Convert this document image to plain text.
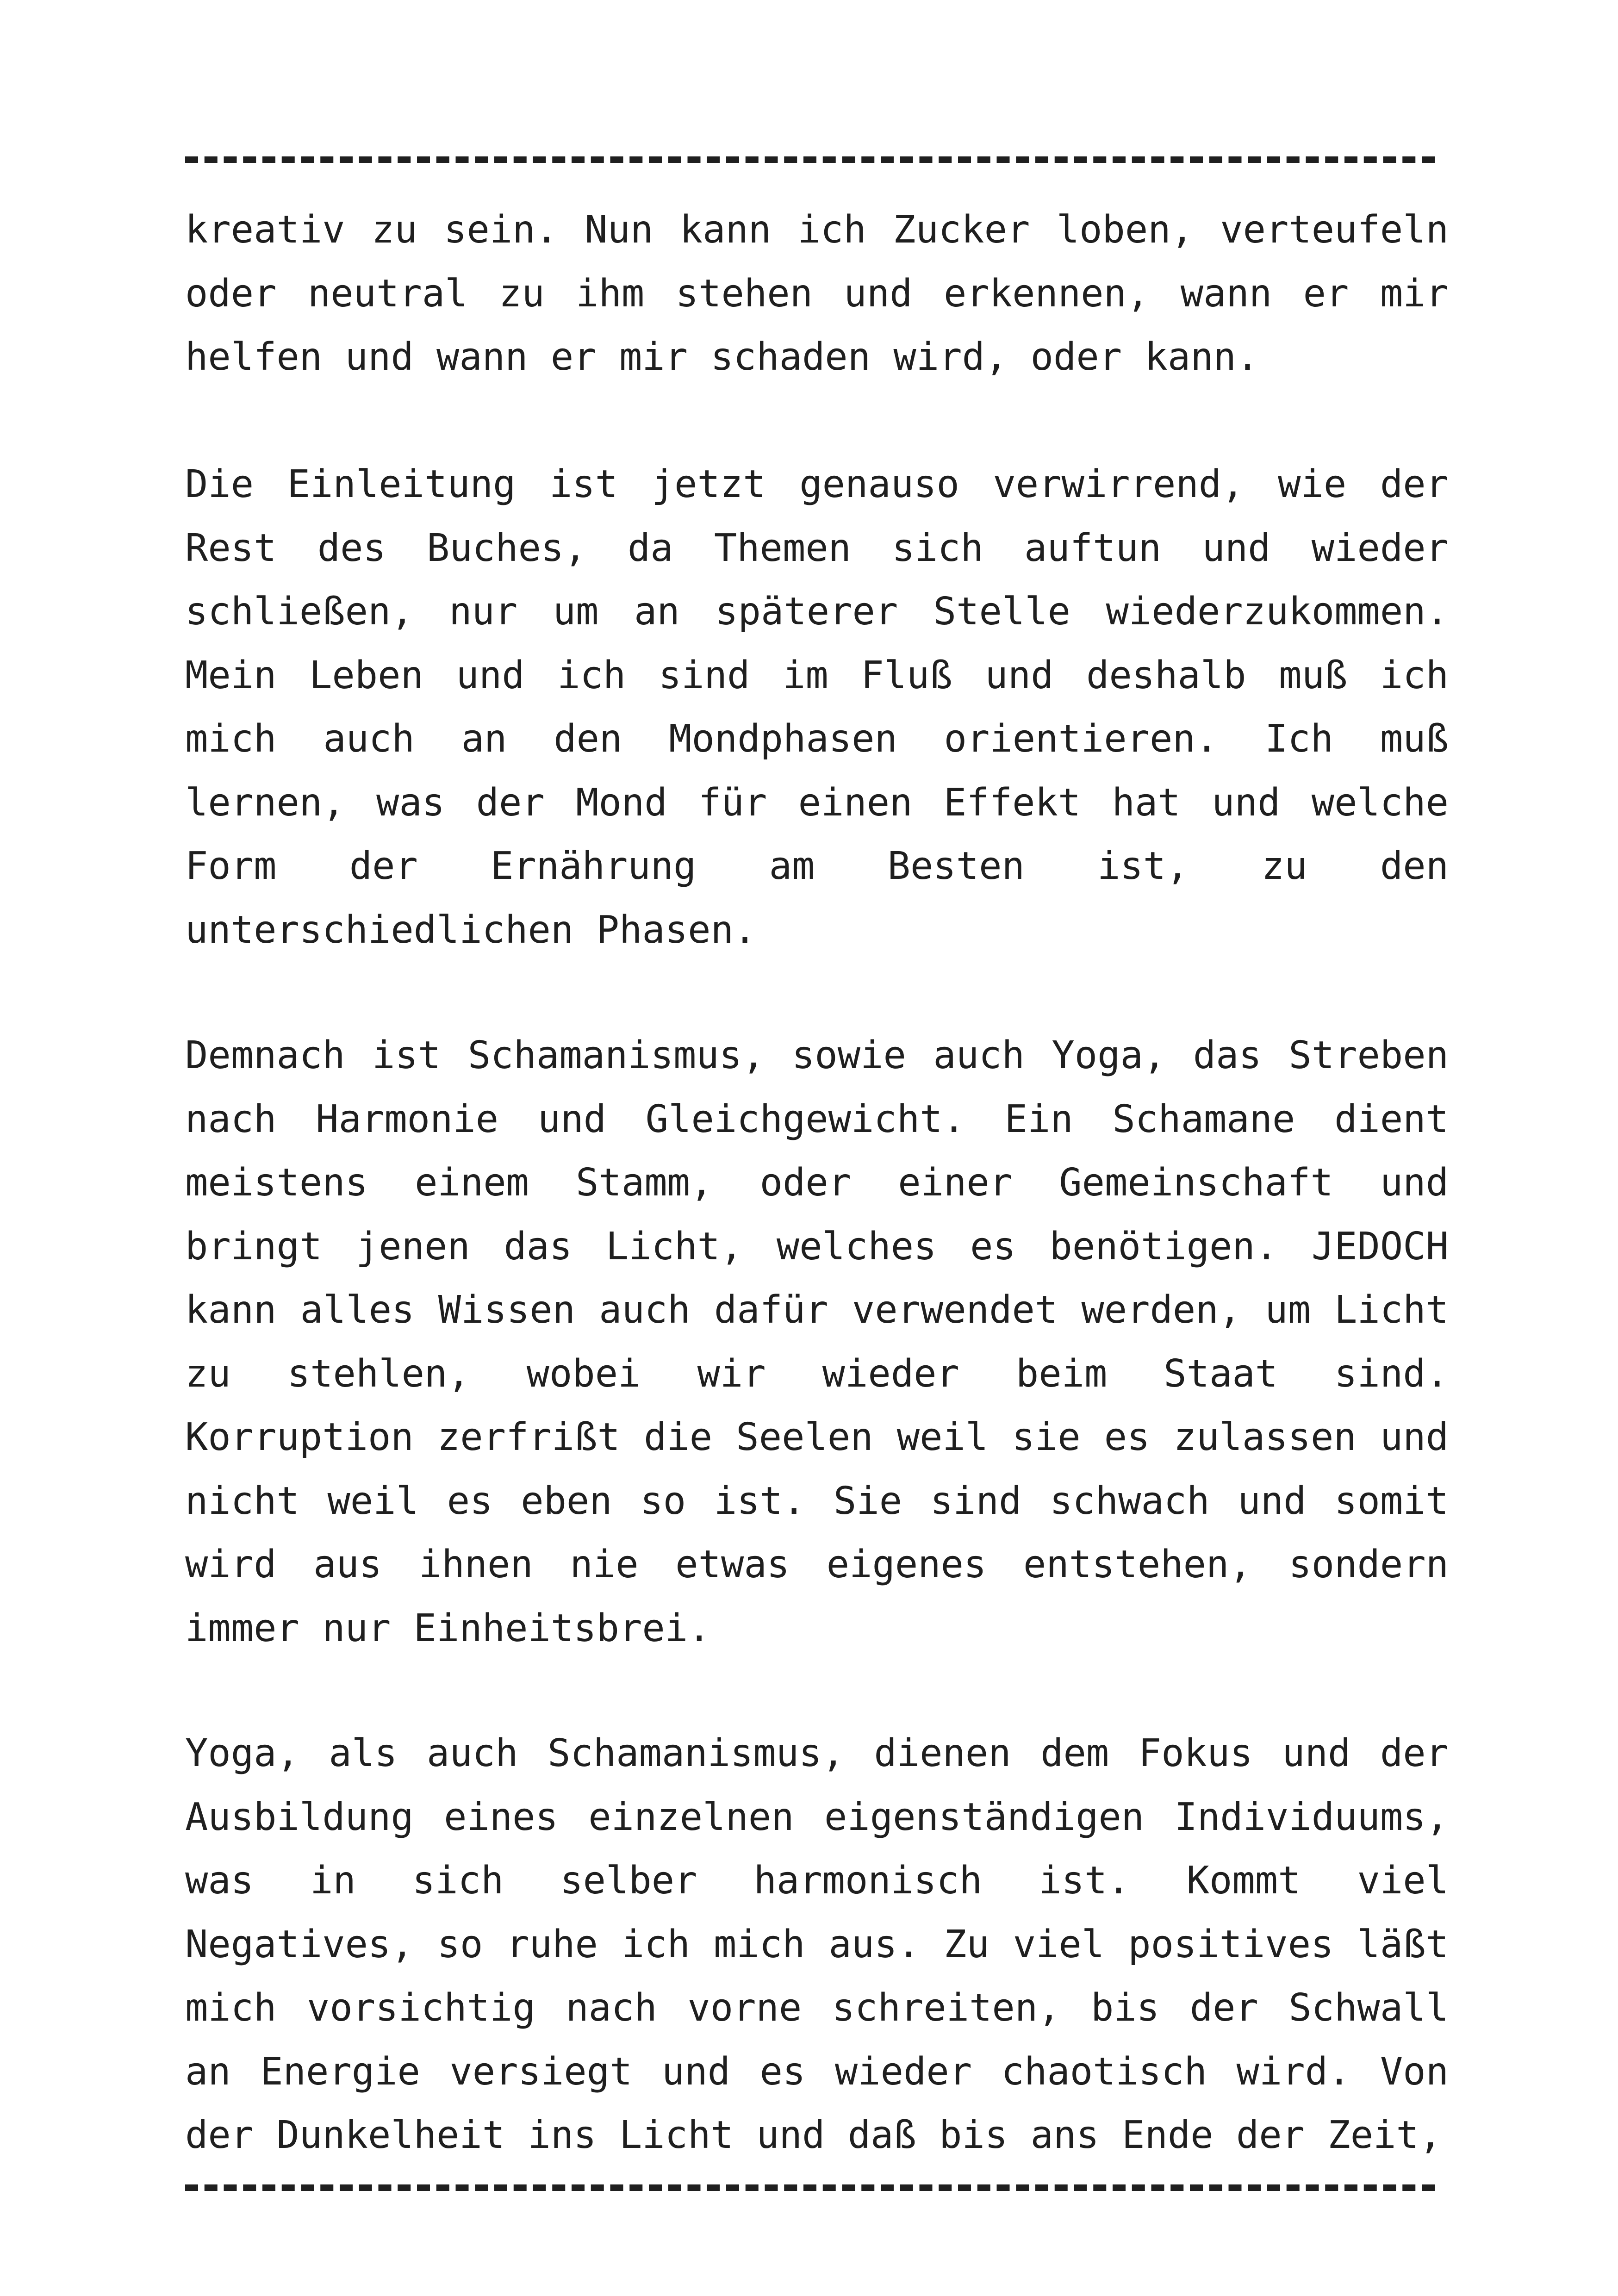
kreativ zu sein. Nun kann ich Zucker loben, verteufeln oder neutral zu ihm stehen und erkennen, wann er mir helfen und wann er mir schaden wird, oder kann.

Die Einleitung ist jetzt genauso verwirrend, wie der Rest des Buches, da Themen sich auftun und wieder schließen, nur um an späterer Stelle wiederzukommen. Mein Leben und ich sind im Fluß und deshalb muß ich mich auch an den Mondphasen orientieren. Ich muß lernen, was der Mond für einen Effekt hat und welche Form der Ernährung am Besten ist, zu den unterschiedlichen Phasen.

Demnach ist Schamanismus, sowie auch Yoga, das Streben nach Harmonie und Gleichgewicht. Ein Schamane dient meistens einem Stamm, oder einer Gemeinschaft und bringt jenen das Licht, welches es benötigen. JEDOCH kann alles Wissen auch dafür verwendet werden, um Licht zu stehlen, wobei wir wieder beim Staat sind. Korruption zerfrißt die Seelen weil sie es zulassen und nicht weil es eben so ist. Sie sind schwach und somit wird aus ihnen nie etwas eigenes entstehen, sondern immer nur Einheitsbrei.

Yoga, als auch Schamanismus, dienen dem Fokus und der Ausbildung eines einzelnen eigenständigen Individuums, was in sich selber harmonisch ist. Kommt viel Negatives, so ruhe ich mich aus. Zu viel positives läßt mich vorsichtig nach vorne schreiten, bis der Schwall an Energie versiegt und es wieder chaotisch wird. Von der Dunkelheit ins Licht und daß bis ans Ende der Zeit,
